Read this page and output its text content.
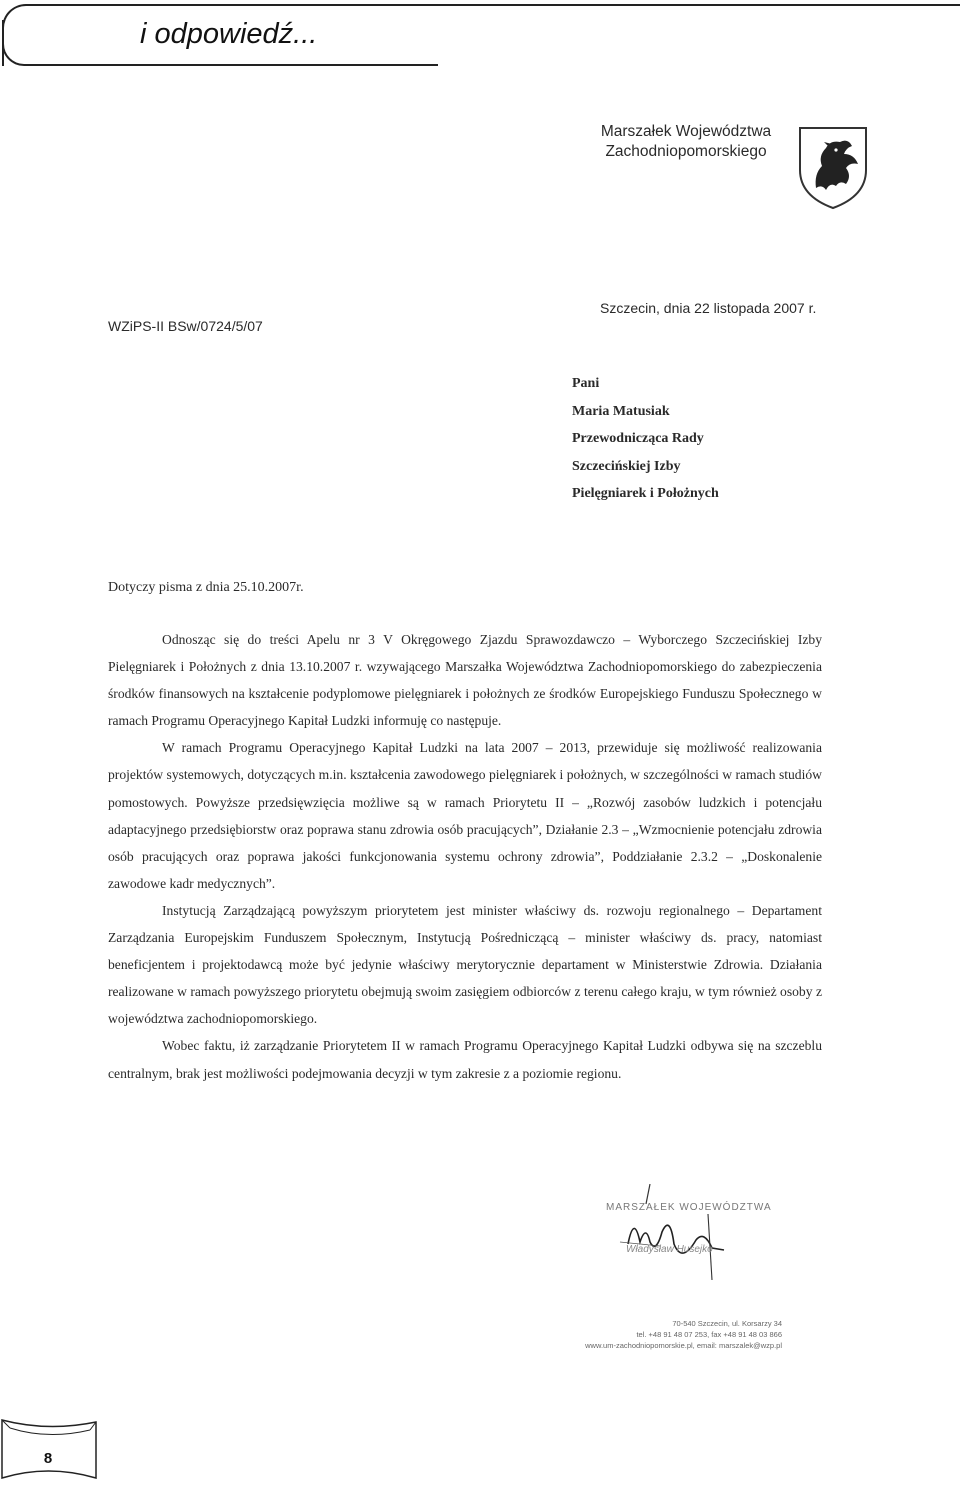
i odpowiedź...
Marszałek Województwa
Zachodniopomorskiego
WZiPS-II BSw/0724/5/07
Szczecin, dnia 22 listopada 2007 r.
Pani
Maria Matusiak
Przewodnicząca Rady
Szczecińskiej Izby
Pielęgniarek i Położnych
Dotyczy pisma z dnia 25.10.2007r.

Odnosząc się do treści Apelu nr 3 V Okręgowego Zjazdu Sprawozdawczo – Wyborczego Szczecińskiej Izby Pielęgniarek i Położnych z dnia 13.10.2007 r. wzywającego Marszałka Województwa Zachodniopomorskiego do zabezpieczenia środków finansowych na kształcenie podyplomowe pielęgniarek i położnych ze środków Europejskiego Funduszu Społecznego w ramach Programu Operacyjnego Kapitał Ludzki informuję co następuje.

W ramach Programu Operacyjnego Kapitał Ludzki na lata 2007 – 2013, przewiduje się możliwość realizowania projektów systemowych, dotyczących m.in. kształcenia zawodowego pielęgniarek i położnych, w szczególności w ramach studiów pomostowych. Powyższe przedsięwzięcia możliwe są w ramach Priorytetu II – „Rozwój zasobów ludzkich i potencjału adaptacyjnego przedsiębiorstw oraz poprawa stanu zdrowia osób pracujących”, Działanie 2.3 – „Wzmocnienie potencjału zdrowia osób pracujących oraz poprawa jakości funkcjonowania systemu ochrony zdrowia”, Poddziałanie 2.3.2 – „Doskonalenie zawodowe kadr medycznych”.

Instytucją Zarządzającą powyższym priorytetem jest minister właściwy ds. rozwoju regionalnego – Departament Zarządzania Europejskim Funduszem Społecznym, Instytucją Pośredniczącą – minister właściwy ds. pracy, natomiast beneficjentem i projektodawcą może być jedynie właściwy merytorycznie departament w Ministerstwie Zdrowia. Działania realizowane w ramach powyższego priorytetu obejmują swoim zasięgiem odbiorców z terenu całego kraju, w tym również osoby z województwa zachodniopomorskiego.

Wobec faktu, iż zarządzanie Priorytetem II w ramach Programu Operacyjnego Kapitał Ludzki odbywa się na szczeblu centralnym, brak jest możliwości podejmowania decyzji w tym zakresie z a poziomie regionu.

MARSZAŁEK WOJEWÓDZTWA
Władysław Husejko
70-540 Szczecin, ul. Korsarzy 34
tel. +48 91 48 07 253, fax +48 91 48 03 866
www.um-zachodniopomorskie.pl, email: marszalek@wzp.pl
8
